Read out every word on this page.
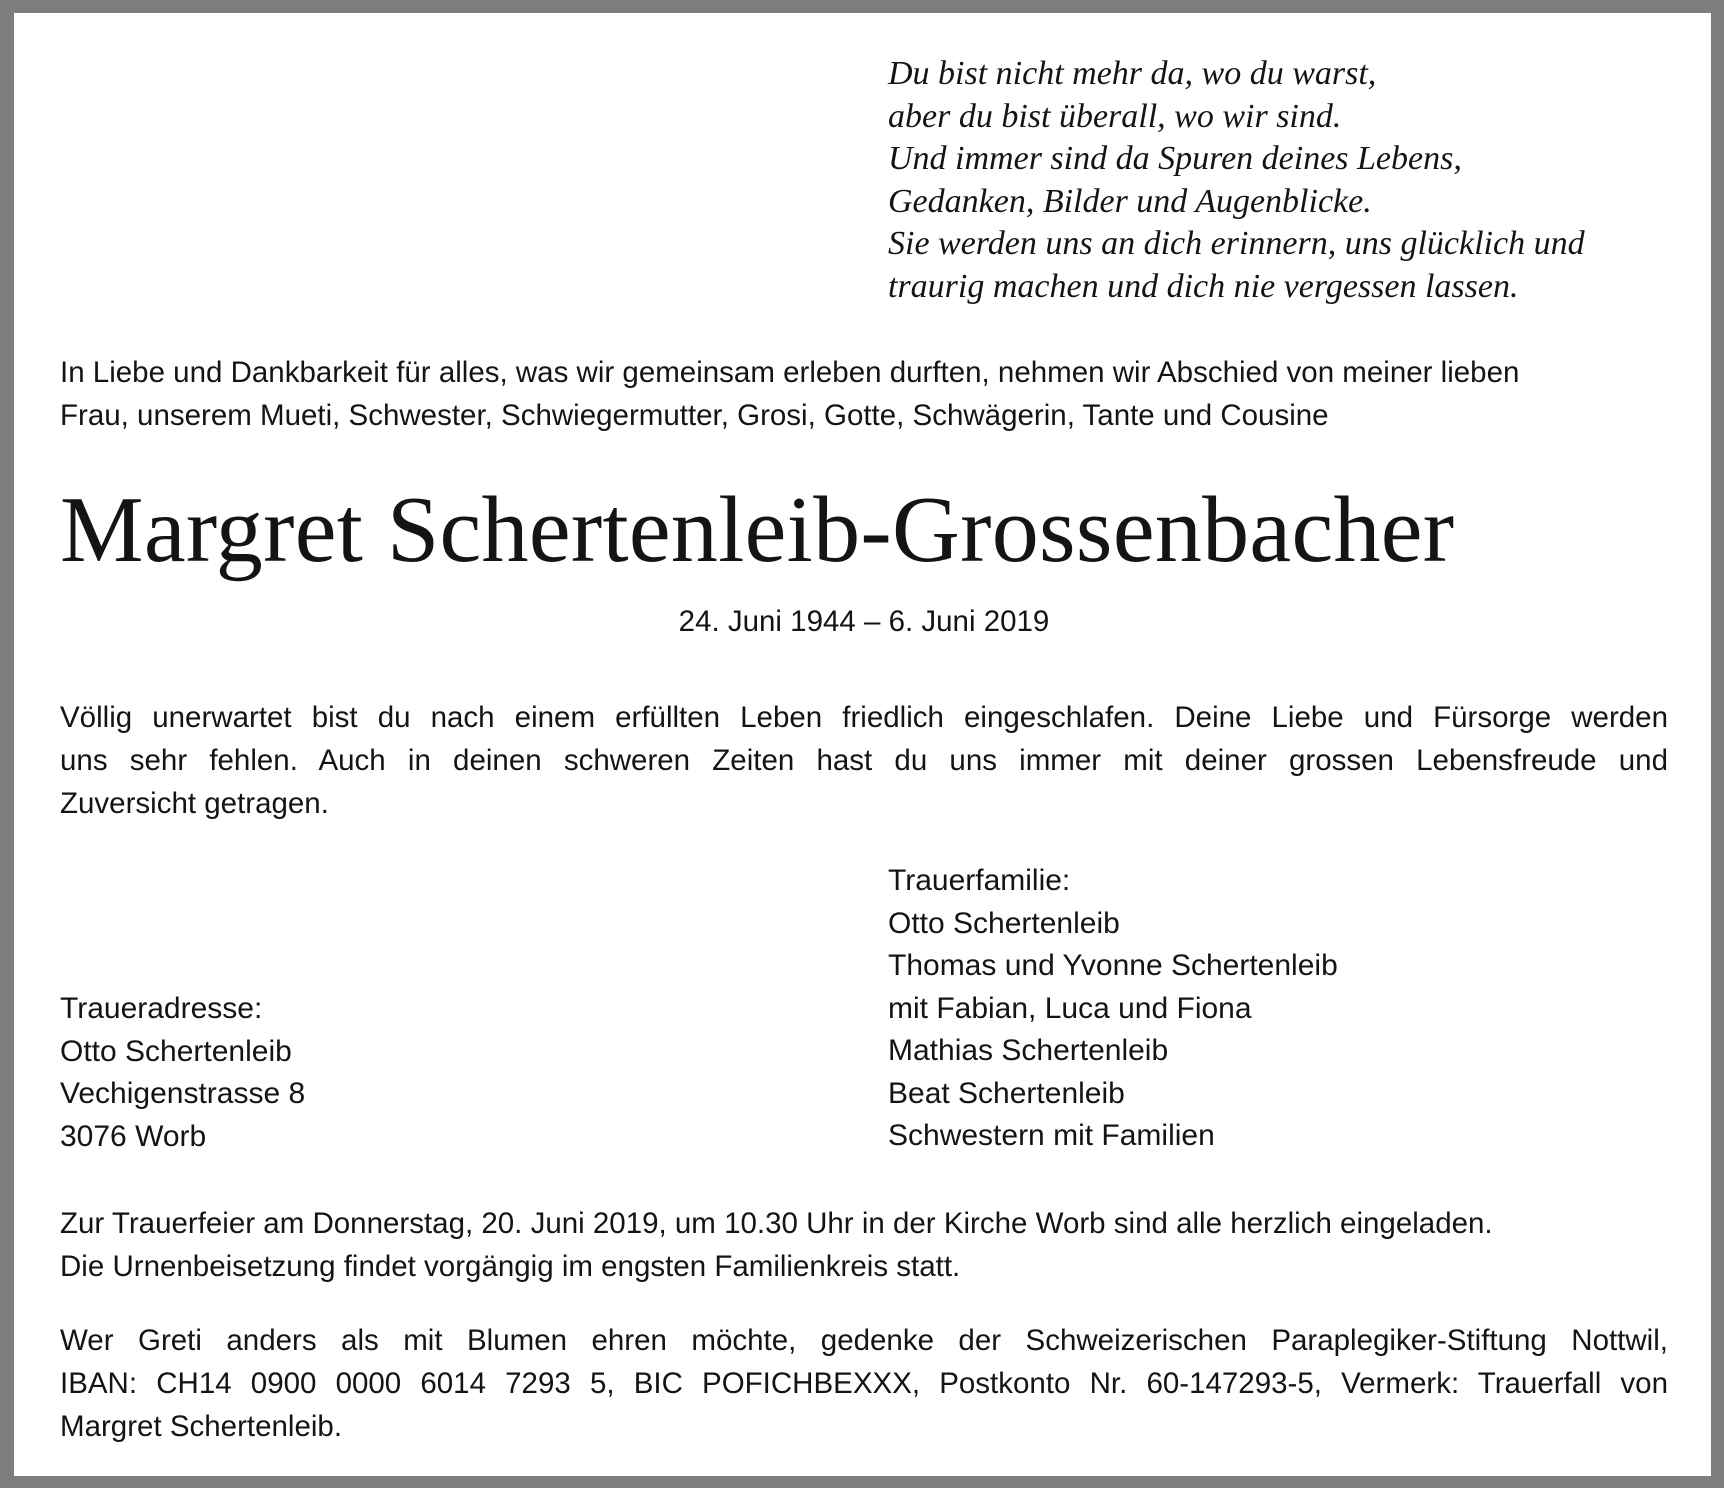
Du bist nicht mehr da, wo du warst,
aber du bist überall, wo wir sind.
Und immer sind da Spuren deines Lebens,
Gedanken, Bilder und Augenblicke.
Sie werden uns an dich erinnern, uns glücklich und
traurig machen und dich nie vergessen lassen.
In Liebe und Dankbarkeit für alles, was wir gemeinsam erleben durften, nehmen wir Abschied von meiner lieben
Frau, unserem Mueti, Schwester, Schwiegermutter, Grosi, Gotte, Schwägerin, Tante und Cousine
Margret Schertenleib-Grossenbacher
24. Juni 1944 – 6. Juni 2019
Völlig unerwartet bist du nach einem erfüllten Leben friedlich eingeschlafen. Deine Liebe und Fürsorge werden
uns sehr fehlen. Auch in deinen schweren Zeiten hast du uns immer mit deiner grossen Lebensfreude und
Zuversicht getragen.
Trauerfamilie:
Otto Schertenleib
Thomas und Yvonne Schertenleib
mit Fabian, Luca und Fiona
Mathias Schertenleib
Beat Schertenleib
Schwestern mit Familien
Traueradresse:
Otto Schertenleib
Vechigenstrasse 8
3076 Worb
Zur Trauerfeier am Donnerstag, 20. Juni 2019, um 10.30 Uhr in der Kirche Worb sind alle herzlich eingeladen.
Die Urnenbeisetzung findet vorgängig im engsten Familienkreis statt.
Wer Greti anders als mit Blumen ehren möchte, gedenke der Schweizerischen Paraplegiker-Stiftung Nottwil,
IBAN: CH14 0900 0000 6014 7293 5, BIC POFICHBEXXX, Postkonto Nr. 60-147293-5, Vermerk: Trauerfall von
Margret Schertenleib.
